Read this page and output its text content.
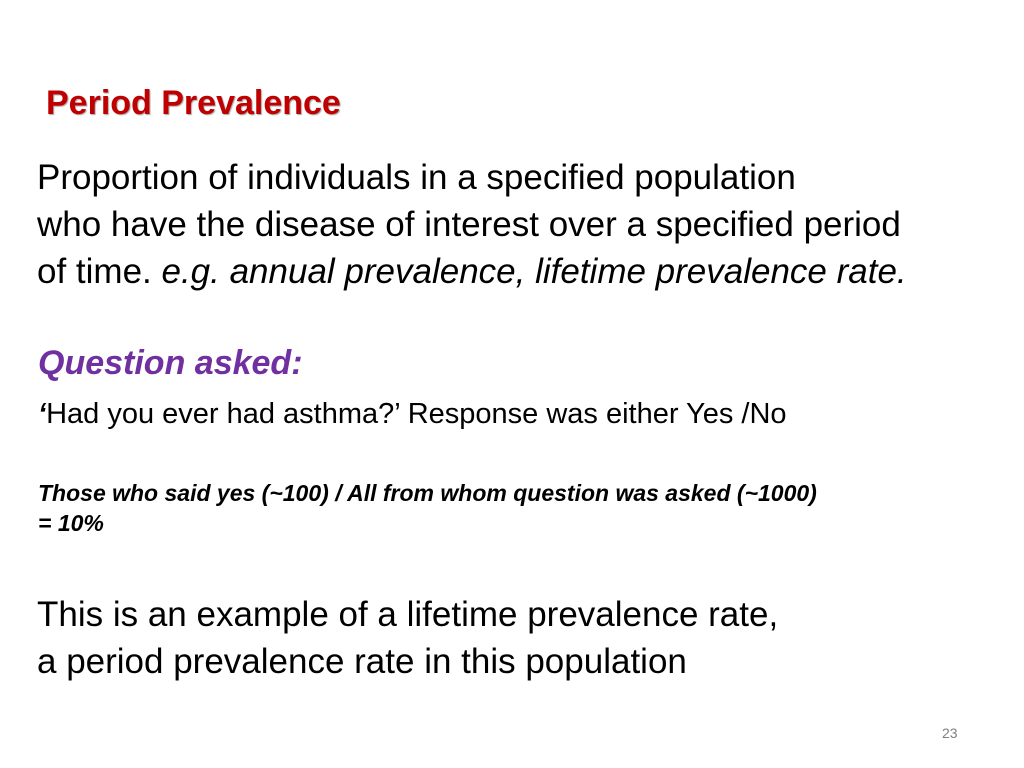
Period Prevalence

Proportion of individuals in a specified population
who have the disease of interest over a specified period
of time. e.g. annual prevalence, lifetime prevalence rate.

Question asked:

‘Had you ever had asthma?’ Response was either Yes /No

Those who said yes (~100) / All from whom question was asked (~1000)
= 10%

This is an example of a lifetime prevalence rate,
a period prevalence rate in this population

23
